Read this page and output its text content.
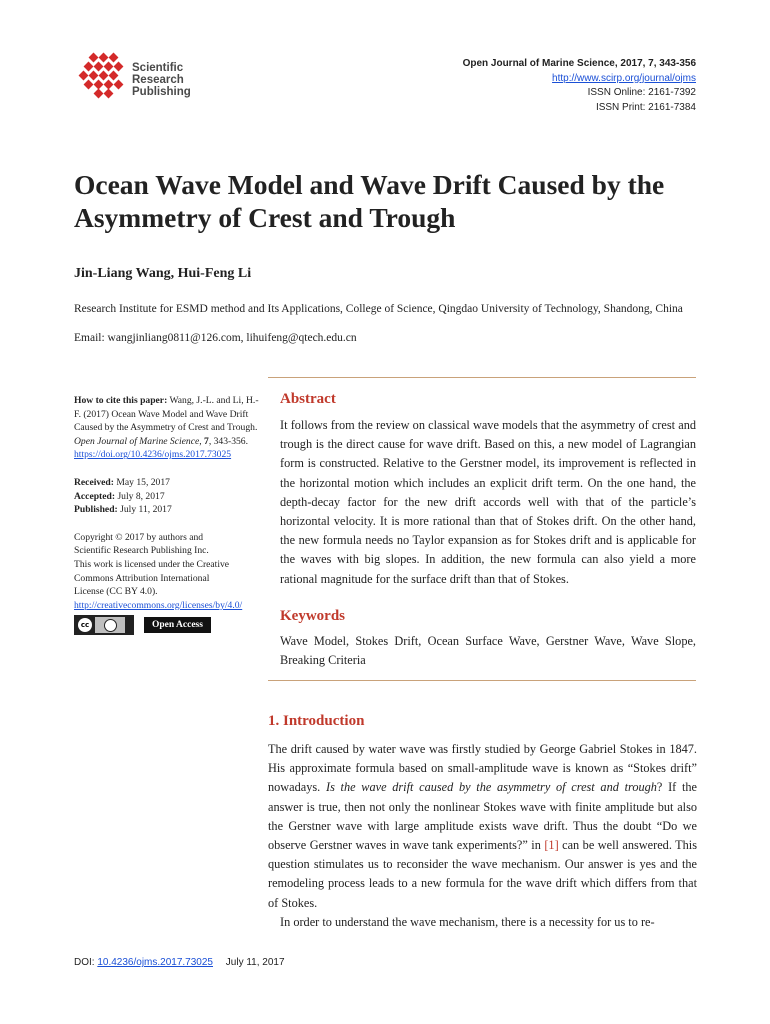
Scientific
Research
Publishing
Open Journal of Marine Science, 2017, 7, 343-356
http://www.scirp.org/journal/ojms
ISSN Online: 2161-7392
ISSN Print: 2161-7384
Ocean Wave Model and Wave Drift Caused by the Asymmetry of Crest and Trough
Jin-Liang Wang, Hui-Feng Li
Research Institute for ESMD method and Its Applications, College of Science, Qingdao University of Technology, Shandong, China
Email: wangjinliang0811@126.com, lihuifeng@qtech.edu.cn

How to cite this paper: Wang, J.-L. and Li, H.-F. (2017) Ocean Wave Model and Wave Drift Caused by the Asymmetry of Crest and Trough. Open Journal of Marine Science, 7, 343-356.

https://doi.org/10.4236/ojms.2017.73025

Received: May 15, 2017

Accepted: July 8, 2017

Published: July 11, 2017

Copyright © 2017 by authors and

Scientific Research Publishing Inc.

This work is licensed under the Creative

Commons Attribution International

License (CC BY 4.0).

http://creativecommons.org/licenses/by/4.0/

cc	Open Access
Abstract
It follows from the review on classical wave models that the asymmetry of crest and trough is the direct cause for wave drift. Based on this, a new model of Lagrangian form is constructed. Relative to the Gerstner model, its improvement is reflected in the horizontal motion which includes an explicit drift term. On the one hand, the depth-decay factor for the new drift accords well with that of the particle’s horizontal velocity. It is more rational than that of Stokes drift. On the other hand, the new formula needs no Taylor expansion as for Stokes drift and is applicable for the waves with big slopes. In addition, the new formula can also yield a more rational magnitude for the surface drift than that of Stokes.
Keywords
Wave Model, Stokes Drift, Ocean Surface Wave, Gerstner Wave, Wave Slope, Breaking Criteria
1. Introduction

The drift caused by water wave was firstly studied by George Gabriel Stokes in 1847. His approximate formula based on small-amplitude wave is known as “Stokes drift” nowadays. Is the wave drift caused by the asymmetry of crest and trough? If the answer is true, then not only the nonlinear Stokes wave with finite amplitude but also the Gerstner wave with large amplitude exists wave drift. Thus the doubt “Do we observe Gerstner waves in wave tank experiments?” in [1] can be well answered. This question stimulates us to reconsider the wave mechanism. Our answer is yes and the remodeling process leads to a new formula for the wave drift which differs from that of Stokes.

In order to understand the wave mechanism, there is a necessity for us to re-

DOI: 10.4236/ojms.2017.73025 July 11, 2017
